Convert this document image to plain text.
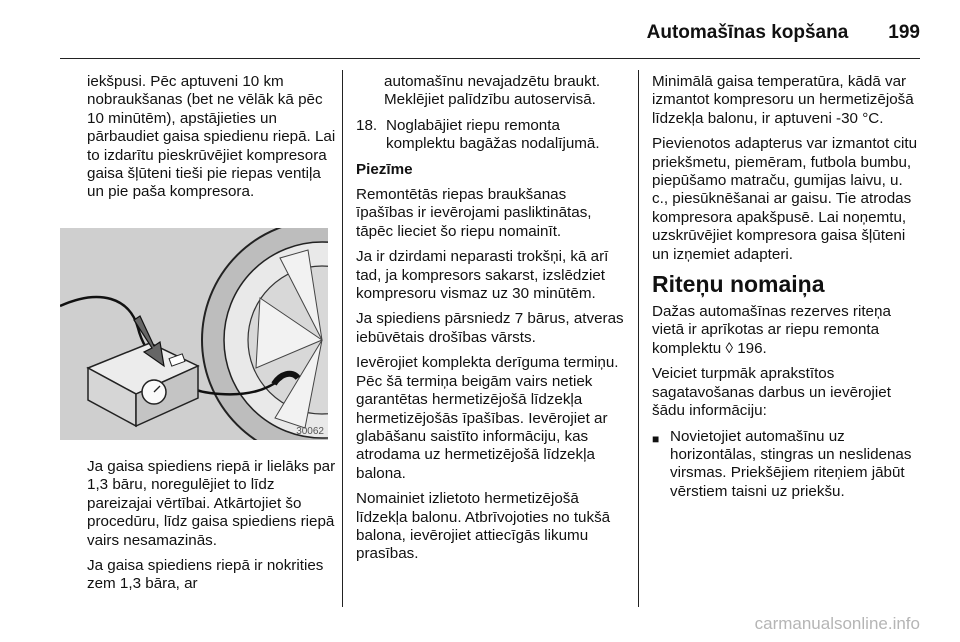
Automašīnas kopšana 199

iekšpusi. Pēc aptuveni 10 km nobraukšanas (bet ne vēlāk kā pēc 10 minūtēm), apstājieties un pārbaudiet gaisa spiedienu riepā. Lai to izdarītu pieskrūvējiet kompresora gaisa šļūteni tieši pie riepas ventiļa un pie paša kompresora.

30062

Ja gaisa spiediens riepā ir lielāks par 1,3 bāru, noregulējiet to līdz pareizajai vērtībai. Atkārtojiet šo procedūru, līdz gaisa spiediens riepā vairs nesamazinās.

Ja gaisa spiediens riepā ir nokrities zem 1,3 bāra, ar

automašīnu nevajadzētu braukt. Meklējiet palīdzību autoservisā.

18. Noglabājiet riepu remonta komplektu bagāžas nodalījumā.

Piezīme

Remontētās riepas braukšanas īpašības ir ievērojami pasliktinātas, tāpēc lieciet šo riepu nomainīt.

Ja ir dzirdami neparasti trokšņi, kā arī tad, ja kompresors sakarst, izslēdziet kompresoru vismaz uz 30 minūtēm.

Ja spiediens pārsniedz 7 bārus, atveras iebūvētais drošības vārsts.

Ievērojiet komplekta derīguma termiņu. Pēc šā termiņa beigām vairs netiek garantētas hermetizējošā līdzekļa hermetizējošās īpašības. Ievērojiet ar glabāšanu saistīto informāciju, kas atrodama uz hermetizējošā līdzekļa balona.

Nomainiet izlietoto hermetizējošā līdzekļa balonu. Atbrīvojoties no tukšā balona, ievērojiet attiecīgās likumu prasības.

Minimālā gaisa temperatūra, kādā var izmantot kompresoru un hermetizējošā līdzekļa balonu, ir aptuveni -30 °C.

Pievienotos adapterus var izmantot citu priekšmetu, piemēram, futbola bumbu, piepūšamo matraču, gumijas laivu, u. c., piesūknēšanai ar gaisu. Tie atrodas kompresora apakšpusē. Lai noņemtu, uzskrūvējiet kompresora gaisa šļūteni un izņemiet adapteri.

Riteņu nomaiņa

Dažas automašīnas rezerves riteņa vietā ir aprīkotas ar riepu remonta komplektu ◊ 196.

Veiciet turpmāk aprakstītos sagatavošanas darbus un ievērojiet šādu informāciju:

■ Novietojiet automašīnu uz horizontālas, stingras un neslidenas virsmas. Priekšējiem riteņiem jābūt vērstiem taisni uz priekšu.
carmanualsonline.info
